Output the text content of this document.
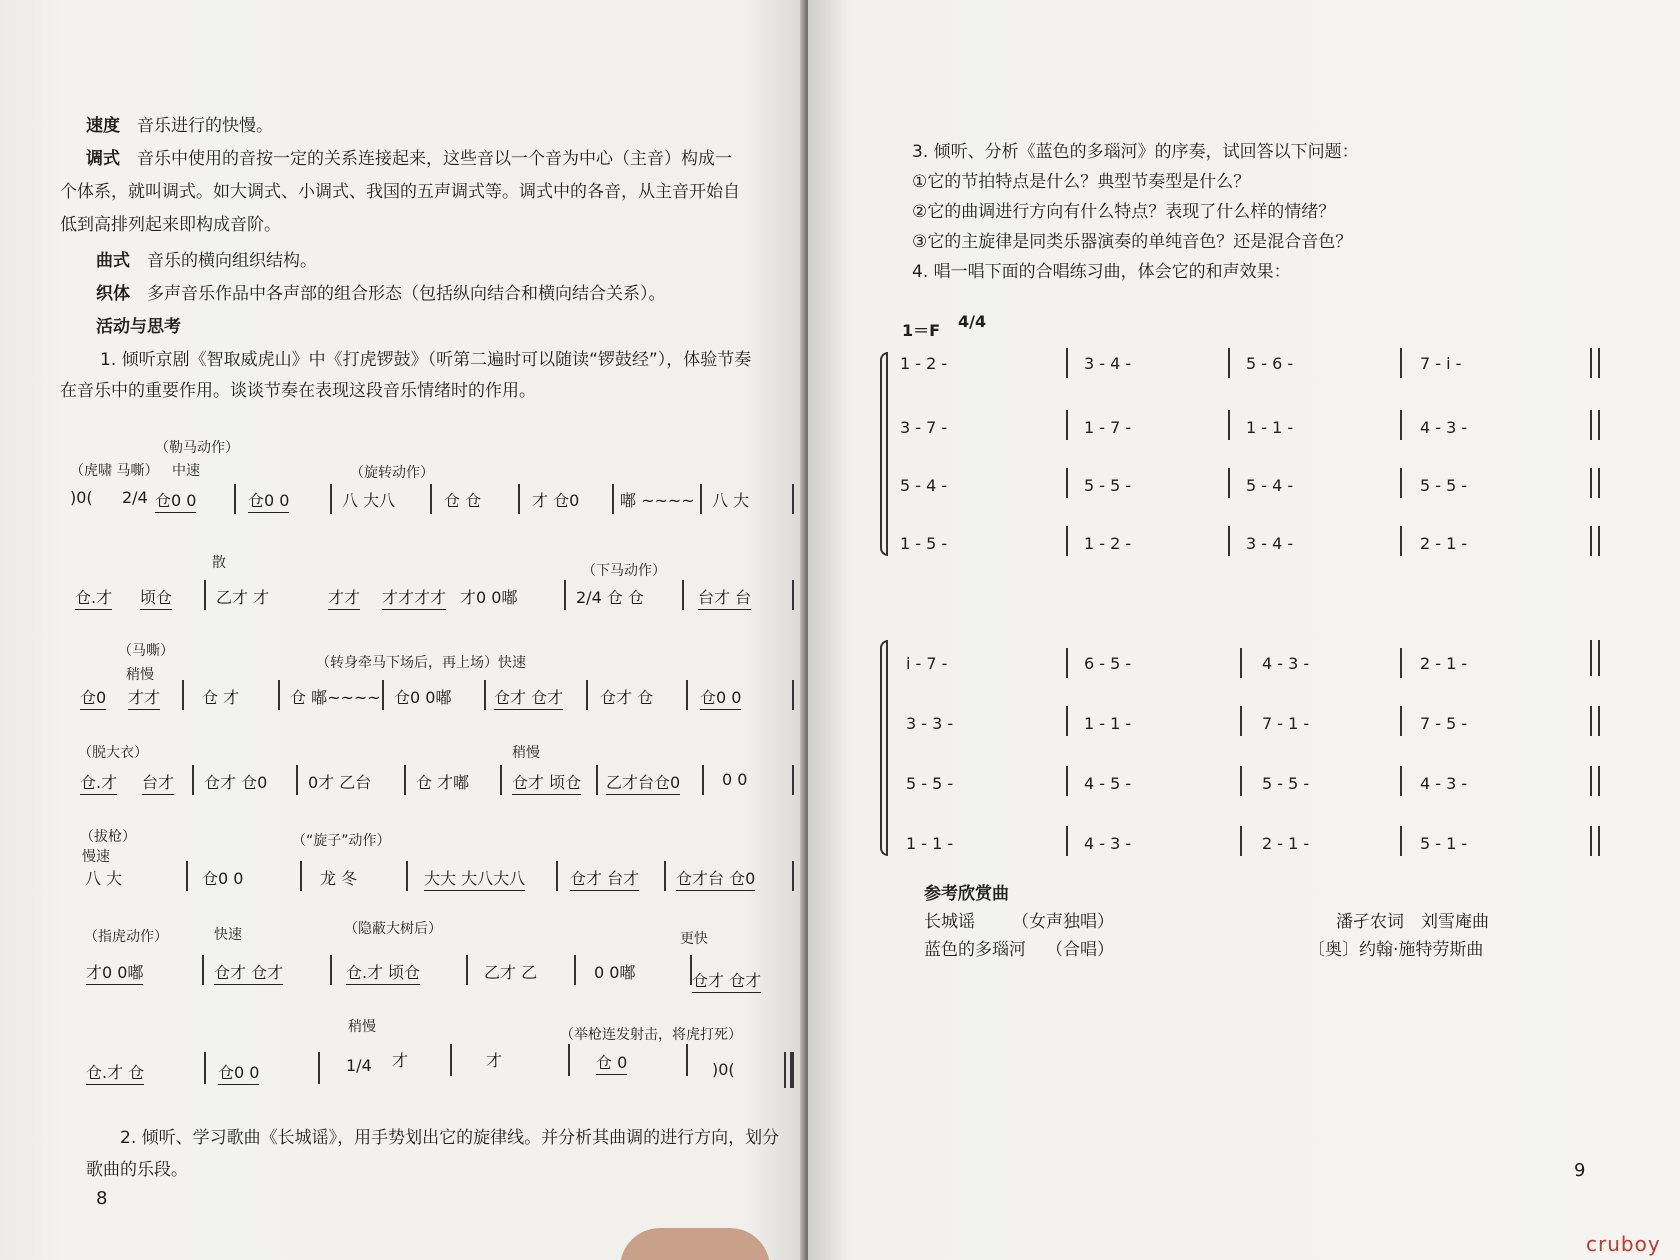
速度　 音乐进行的快慢。
调式　 音乐中使用的音按一定的关系连接起来，这些音以一个音为中心（主音）构成一
个体系，就叫调式。如大调式、小调式、我国的五声调式等。调式中的各音，从主音开始自
低到高排列起来即构成音阶。
曲式　 音乐的横向组织结构。
织体　 多声音乐作品中各声部的组合形态（包括纵向结合和横向结合关系）。
活动与思考
1. 倾听京剧《智取威虎山》中《打虎锣鼓》（听第二遍时可以随读“锣鼓经”），体验节奏
在音乐中的重要作用。谈谈节奏在表现这段音乐情绪时的作用。
（勒马动作）
（虎啸 马嘶） 中速	（旋转动作）
)0( 2/4 仓0 0	仓0 0	八 大八	仓 仓	才 仓0	嘟 ~~~~ 八 大
散	（下马动作）
仓.才 顷仓	乙才 才	才才 才才才才 才0 0嘟	2/4 仓 仓	台才 台
（马嘶）
稍慢
（转身牵马下场后，再上场）快速
仓0 才才	仓 才	仓 嘟~~~~ 仓0 0嘟	仓才 仓才 仓才 仓	仓0 0
（脱大衣）	稍慢
仓.才 台才 仓才 仓0	0才 乙台	仓 才嘟	仓才 顷仓 乙才台仓0	0 0
（拔枪）
慢速
（“旋子”动作）
八 大	仓0 0	龙 冬	大大 大八大八	仓才 台才 仓才台 仓0
（指虎动作）	快速	（隐蔽大树后）
更快
才0 0嘟	仓才 仓才	仓.才 顷仓	乙才 乙	0 0嘟	仓才 仓才
稍慢	（举枪连发射击，将虎打死）
仓.才 仓	仓0 0	1/4 才	才	仓 0	)0(
2. 倾听、学习歌曲《长城谣》，用手势划出它的旋律线。并分析其曲调的进行方向，划分
歌曲的乐段。
8
3. 倾听、分析《蓝色的多瑙河》的序奏，试回答以下问题：
①它的节拍特点是什么？典型节奏型是什么？
②它的曲调进行方向有什么特点？表现了什么样的情绪？
③它的主旋律是同类乐器演奏的单纯音色？还是混合音色？
4. 唱一唱下面的合唱练习曲，体会它的和声效果：
1＝F 4/4
1 - 2 -	3 - 4 -	5 - 6 -	7 - i -
3 - 7 -	1 - 7 -	1 - 1 -	4 - 3 -
5 - 4 -	5 - 5 -	5 - 4 -	5 - 5 -
1 - 5 -	1 - 2 -	3 - 4 -	2 - 1 -
i - 7 -	6 - 5 -	4 - 3 -	2 - 1 -
3 - 3 -	1 - 1 -	7 - 1 -	7 - 5 -
5 - 5 -	4 - 5 -	5 - 5 -	4 - 3 -
1 - 1 -	4 - 3 -	2 - 1 -	5 - 1 -
参考欣赏曲
长城谣 （女声独唱）	潘孑农词　刘雪庵曲
蓝色的多瑙河 （合唱）	〔奥〕约翰·施特劳斯曲
9
cruboy
